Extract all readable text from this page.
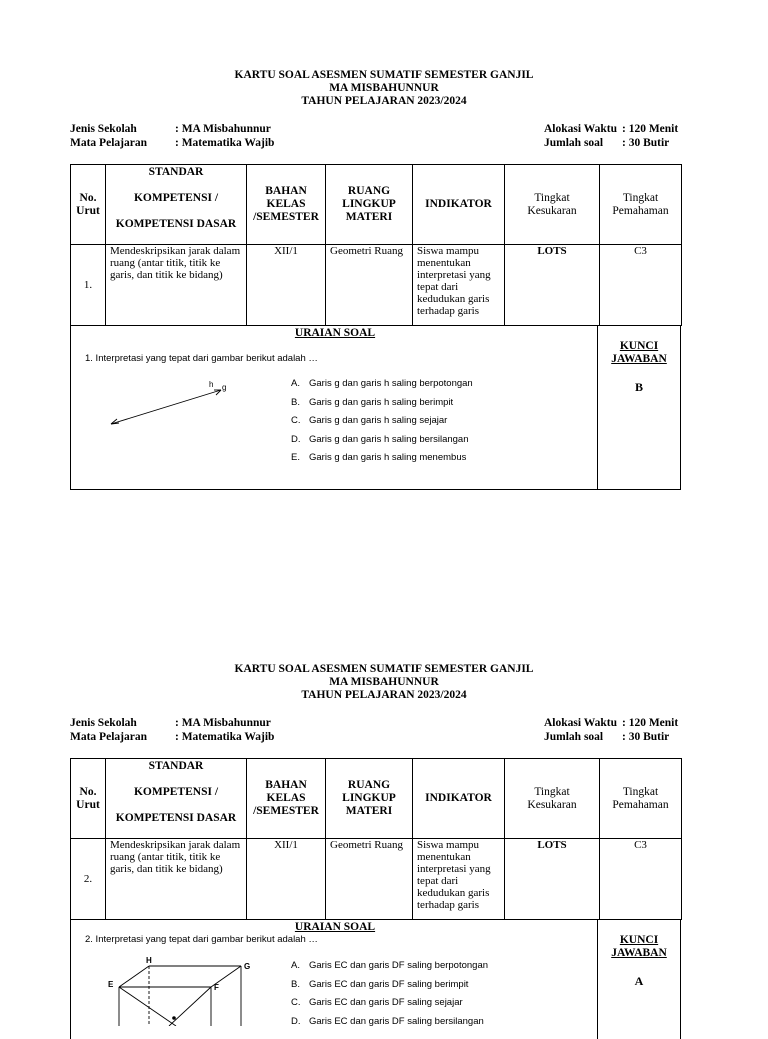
KARTU SOAL ASESMEN SUMATIF SEMESTER GANJIL
MA MISBAHUNNUR
TAHUN PELAJARAN 2023/2024
Jenis Sekolah	: MA Misbahunnur
Mata Pelajaran : Matematika Wajib
Alokasi Waktu : 120 Menit
Jumlah soal : 30 Butir
No. Urut	STANDAR
KOMPETENSI /
KOMPETENSI DASAR	BAHAN KELAS /SEMESTER	RUANG LINGKUP MATERI	INDIKATOR	Tingkat Kesukaran	Tingkat Pemahaman
1.	Mendeskripsikan jarak dalam ruang (antar titik, titik ke garis, dan titik ke bidang)	XII/1	Geometri Ruang	Siswa mampu menentukan interpretasi yang tepat dari kedudukan garis terhadap garis	LOTS	C3
URAIAN SOAL
1. Interpretasi yang tepat dari gambar berikut adalah …
h g	A. Garis g dan garis h saling berpotongan
B. Garis g dan garis h saling berimpit
C. Garis g dan garis h saling sejajar
D. Garis g dan garis h saling bersilangan
E. Garis g dan garis h saling menembus
KUNCI JAWABAN
B
KARTU SOAL ASESMEN SUMATIF SEMESTER GANJIL
MA MISBAHUNNUR
TAHUN PELAJARAN 2023/2024
Jenis Sekolah	: MA Misbahunnur
Mata Pelajaran : Matematika Wajib
Alokasi Waktu : 120 Menit
Jumlah soal : 30 Butir
No. Urut	STANDAR
KOMPETENSI /
KOMPETENSI DASAR	BAHAN KELAS /SEMESTER	RUANG LINGKUP MATERI	INDIKATOR	Tingkat Kesukaran	Tingkat Pemahaman
2.	Mendeskripsikan jarak dalam ruang (antar titik, titik ke garis, dan titik ke bidang)	XII/1	Geometri Ruang	Siswa mampu menentukan interpretasi yang tepat dari kedudukan garis terhadap garis	LOTS	C3
URAIAN SOAL
2. Interpretasi yang tepat dari gambar berikut adalah …
H
G
E	F
A. Garis EC dan garis DF saling berpotongan
B. Garis EC dan garis DF saling berimpit
C. Garis EC dan garis DF saling sejajar
D. Garis EC dan garis DF saling bersilangan
KUNCI JAWABAN
A
